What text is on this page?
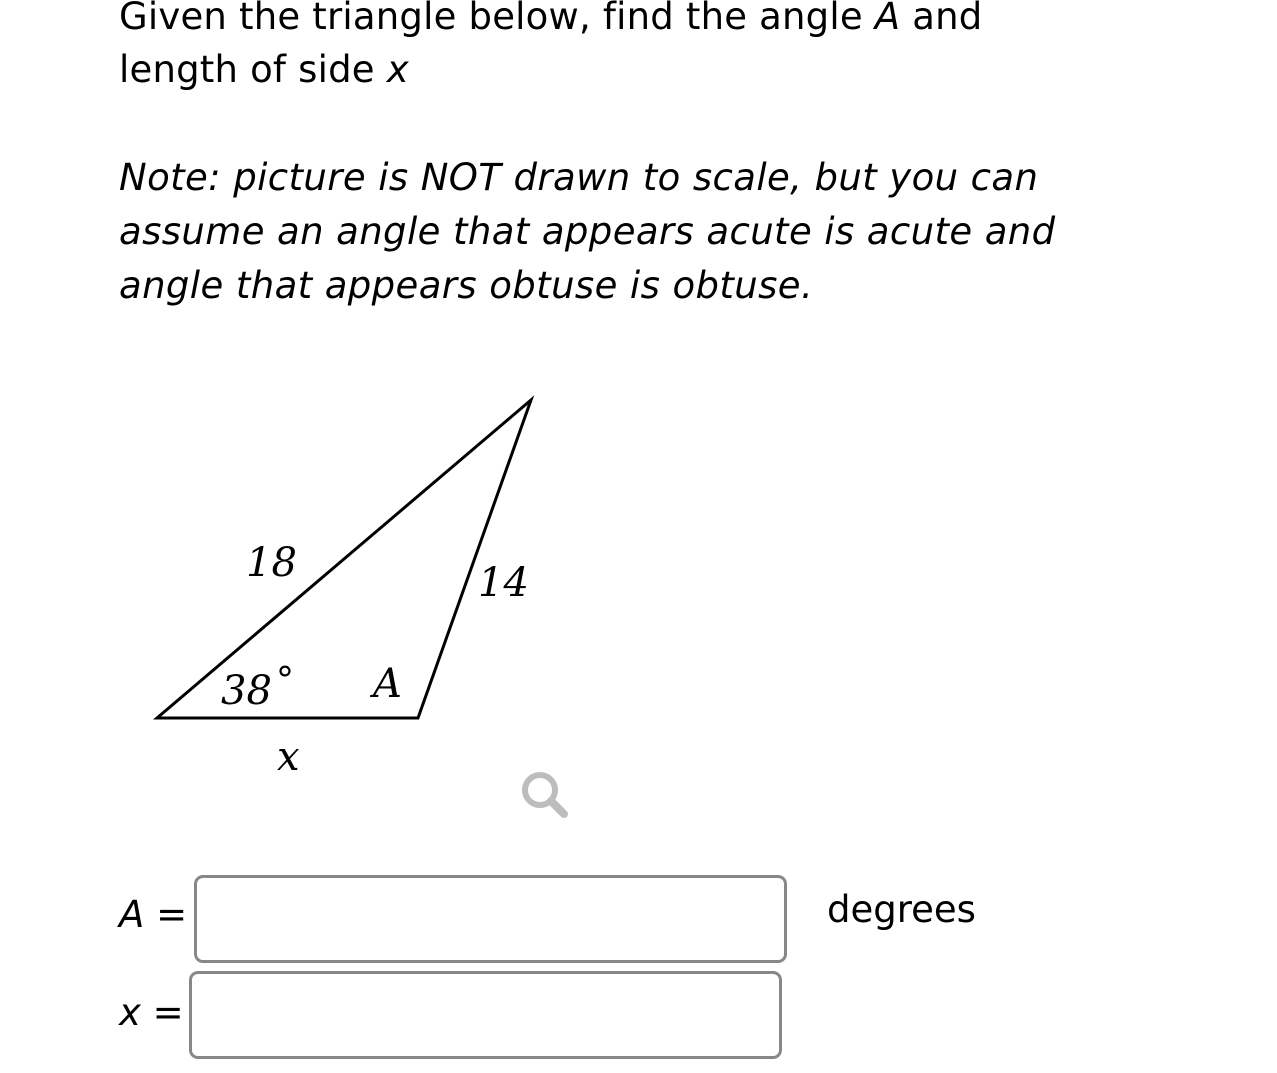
Given the triangle below, find the angle A and
length of side x
Note: picture is NOT drawn to scale, but you can
assume an angle that appears acute is acute and
angle that appears obtuse is obtuse.
18	14
38 ° A
x
A =	degrees
x =
